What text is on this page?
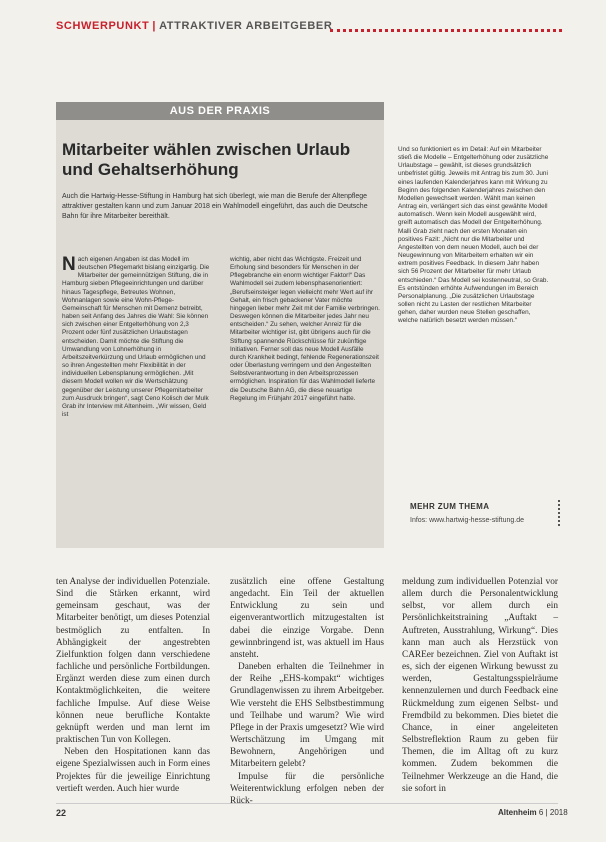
SCHWERPUNKT | ATTRAKTIVER ARBEITGEBER
AUS DER PRAXIS
Mitarbeiter wählen zwischen Urlaub und Gehaltserhöhung
Auch die Hartwig-Hesse-Stiftung in Hamburg hat sich überlegt, wie man die Berufe der Altenpflege attraktiver gestalten kann und zum Januar 2018 ein Wahlmodell eingeführt, das auch die Deutsche Bahn für ihre Mitarbeiter bereithält.

Nach eigenen Angaben ist das Modell im deutschen Pflegemarkt bislang einzigartig. Die Mitarbeiter der gemeinnützigen Stiftung, die in Hamburg sieben Pflegeeinrichtungen und darüber hinaus Tagespflege, Betreutes Wohnen, Wohnanlagen sowie eine Wohn-Pflege-Gemeinschaft für Menschen mit Demenz betreibt, haben seit Anfang des Jahres die Wahl: Sie können sich zwischen einer Entgelterhöhung von 2,3 Prozent oder fünf zusätzlichen Urlaubstagen entscheiden. Damit möchte die Stiftung die Umwandlung von Lohnerhöhung in Arbeitszeitverkürzung und Urlaub ermöglichen und so ihren Angestellten mehr Flexibilität in der individuellen Lebensplanung ermöglichen. „Mit diesem Modell wollen wir die Wertschätzung gegenüber der Leistung unserer Pflegemitarbeiter zum Ausdruck bringen“, sagt Ceno Kolisch der Mulk Grab ihr Interview mit Altenheim. „Wir wissen, Geld ist

wichtig, aber nicht das Wichtigste. Freizeit und Erholung sind besonders für Menschen in der Pflegebranche ein enorm wichtiger Faktor!“ Das Wahlmodell sei zudem lebensphasenorientiert: „Berufseinsteiger legen vielleicht mehr Wert auf ihr Gehalt, ein frisch gebackener Vater möchte hingegen lieber mehr Zeit mit der Familie verbringen. Deswegen können die Mitarbeiter jedes Jahr neu entscheiden.“ Zu sehen, welcher Anreiz für die Mitarbeiter wichtiger ist, gibt übrigens auch für die Stiftung spannende Rückschlüsse für zukünftige Initiativen. Ferner soll das neue Modell Ausfälle durch Krankheit bedingt, fehlende Regenerationszeit oder Überlastung verringern und den Angestellten Selbstverantwortung in den Arbeitsprozessen ermöglichen. Inspiration für das Wahlmodell lieferte die Deutsche Bahn AG, die diese neuartige Regelung im Frühjahr 2017 eingeführt hatte.

Und so funktioniert es im Detail: Auf ein Mitarbeiter stieß die Modelle – Entgelterhöhung oder zusätzliche Urlaubstage – gewählt, ist dieses grundsätzlich unbefristet gültig. Jeweils mit Antrag bis zum 30. Juni eines laufenden Kalenderjahres kann mit Wirkung zu Beginn des folgenden Kalenderjahres zwischen den Modellen gewechselt werden. Wählt man keinen Antrag ein, verlängert sich das einst gewählte Modell automatisch. Wenn kein Modell ausgewählt wird, greift automatisch das Modell der Entgelterhöhung. Malli Grab zieht nach den ersten Monaten ein positives Fazit: „Nicht nur die Mitarbeiter und Angestellten von dem neuen Modell, auch bei der Neugewinnung von Mitarbeitern erhalten wir ein extrem positives Feedback. In diesem Jahr haben sich 56 Prozent der Mitarbeiter für mehr Urlaub entschieden.“ Das Modell sei kostenneutral, so Grab. Es entstünden erhöhte Aufwendungen im Bereich Personalplanung. „Die zusätzlichen Urlaubstage sollen nicht zu Lasten der restlichen Mitarbeiter gehen, daher wurden neue Stellen geschaffen, welche natürlich besetzt werden müssen.“

MEHR ZUM THEMA
Infos: www.hartwig-hesse-stiftung.de

ten Analyse der individuellen Potenziale. Sind die Stärken erkannt, wird gemeinsam geschaut, was der Mitarbeiter benötigt, um dieses Potenzial bestmöglich zu entfalten. In Abhängigkeit der angestrebten Zielfunktion folgen dann verschiedene fachliche und persönliche Fortbildungen. Ergänzt werden diese zum einen durch Kontaktmöglichkeiten, die weitere fachliche Impulse. Auf diese Weise können neue berufliche Kontakte geknüpft werden und man lernt im praktischen Tun von Kollegen.

Neben den Hospitationen kann das eigene Spezialwissen auch in Form eines Projektes für die jeweilige Einrichtung vertieft werden. Auch hier wurde

zusätzlich eine offene Gestaltung angedacht. Ein Teil der aktuellen Entwicklung zu sein und eigenverantwortlich mitzugestalten ist dabei die einzige Vorgabe. Denn gewinnbringend ist, was aktuell im Haus ansteht.

Daneben erhalten die Teilnehmer in der Reihe „EHS-kompakt“ wichtiges Grundlagenwissen zu ihrem Arbeitgeber. Wie versteht die EHS Selbstbestimmung und Teilhabe und warum? Wie wird Pflege in der Praxis umgesetzt? Wie wird Wertschätzung im Umgang mit Bewohnern, Angehörigen und Mitarbeitern gelebt?

Impulse für die persönliche Weiterentwicklung erfolgen neben der Rück-

meldung zum individuellen Potenzial vor allem durch die Personalentwicklung selbst, vor allem durch ein Persönlichkeitstraining „Auftakt – Auftreten, Ausstrahlung, Wirkung“. Dies kann man auch als Herzstück von CAREer bezeichnen. Ziel von Auftakt ist es, sich der eigenen Wirkung bewusst zu werden, Gestaltungsspielräume kennenzulernen und durch Feedback eine Rückmeldung zum eigenen Selbst- und Fremdbild zu bekommen. Dies bietet die Chance, in einer angeleiteten Selbstreflektion Raum zu geben für Themen, die im Alltag oft zu kurz kommen. Zudem bekommen die Teilnehmer Werkzeuge an die Hand, die sie sofort in

22	Altenheim 6 | 2018
